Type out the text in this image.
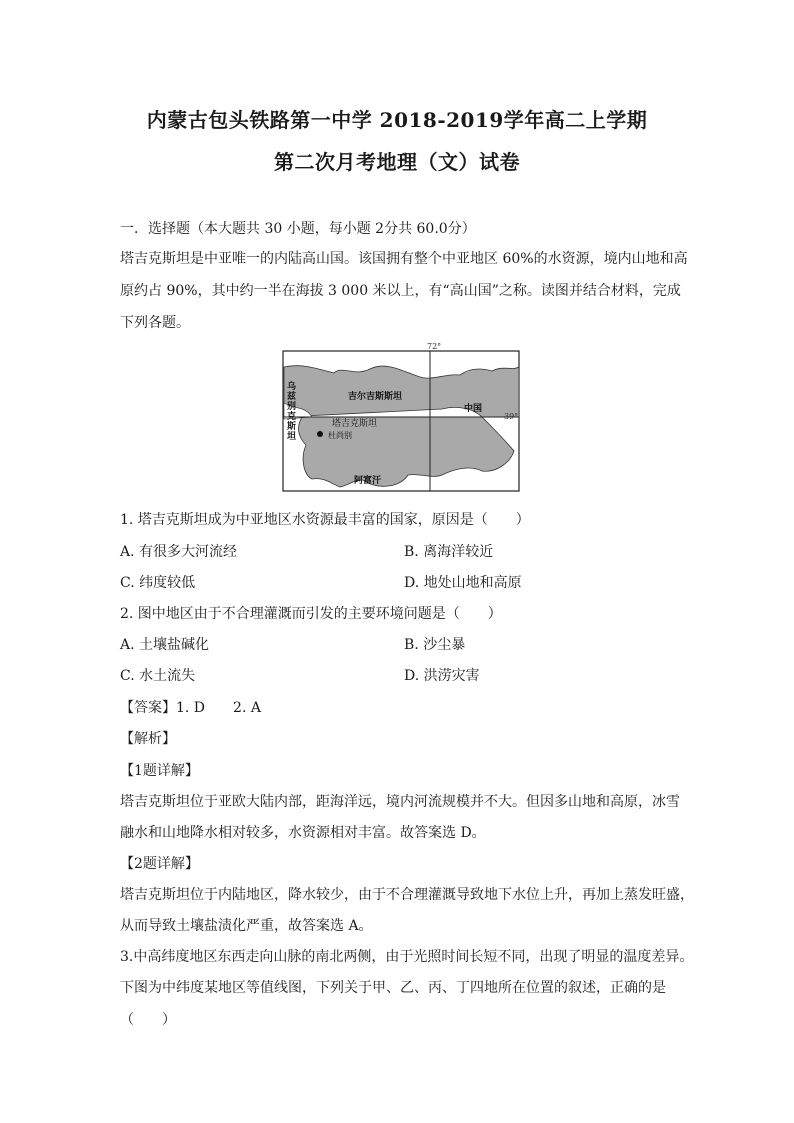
内蒙古包头铁路第一中学 2018-2019学年高二上学期
第二次月考地理（文）试卷
一．选择题（本大题共 30 小题，每小题 2分共 60.0分）
塔吉克斯坦是中亚唯一的内陆高山国。该国拥有整个中亚地区 60%的水资源，境内山地和高
原约占 90%，其中约一半在海拔 3 000 米以上，有“高山国”之称。读图并结合材料，完成
下列各题。
72°
39°
吉尔吉斯斯坦
中国
塔吉克斯坦
杜尚别
阿富汗
乌兹别 克斯坦
1. 塔吉克斯坦成为中亚地区水资源最丰富的国家，原因是（　　）
A. 有很多大河流经	B. 离海洋较近
C. 纬度较低	D. 地处山地和高原
2. 图中地区由于不合理灌溉而引发的主要环境问题是（　　）
A. 土壤盐碱化	B. 沙尘暴
C. 水土流失	D. 洪涝灾害
【答案】1. D　　2. A
【解析】
【1题详解】
塔吉克斯坦位于亚欧大陆内部，距海洋远，境内河流规模并不大。但因多山地和高原，冰雪
融水和山地降水相对较多，水资源相对丰富。故答案选 D。
【2题详解】
塔吉克斯坦位于内陆地区，降水较少，由于不合理灌溉导致地下水位上升，再加上蒸发旺盛，
从而导致土壤盐渍化严重，故答案选 A。
3.中高纬度地区东西走向山脉的南北两侧，由于光照时间长短不同，出现了明显的温度差异。
下图为中纬度某地区等值线图，下列关于甲、乙、丙、丁四地所在位置的叙述，正确的是
（　　）
